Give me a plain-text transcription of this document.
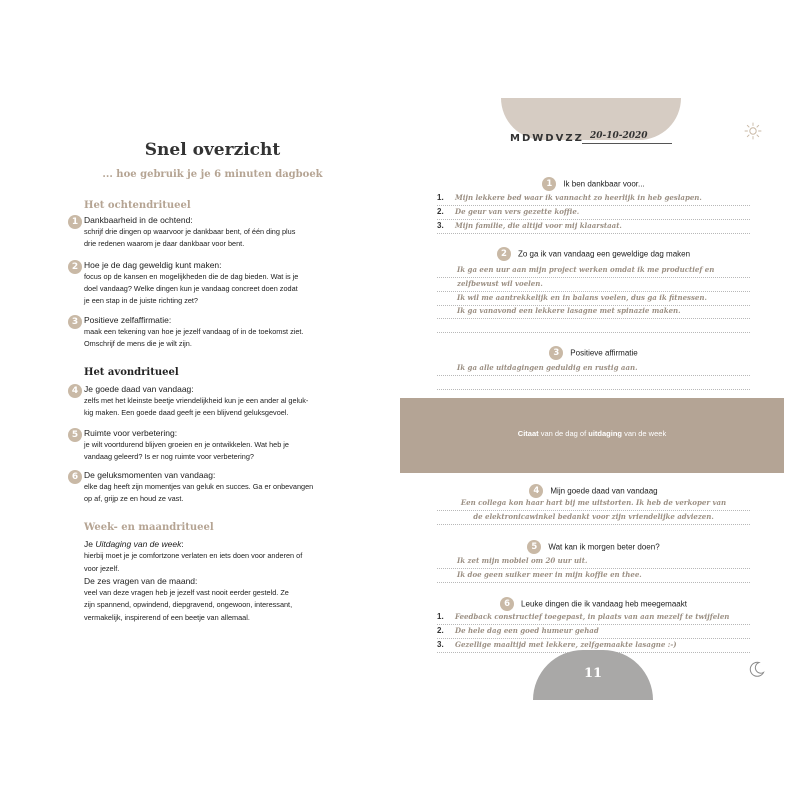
Snel overzicht
... hoe gebruik je je 6 minuten dagboek
Het ochtendritueel
1 Dankbaarheid in de ochtend:
schrijf drie dingen op waarvoor je dankbaar bent, of één ding plus
drie redenen waarom je daar dankbaar voor bent.
2 Hoe je de dag geweldig kunt maken:
focus op de kansen en mogelijkheden die de dag bieden. Wat is je
doel vandaag? Welke dingen kun je vandaag concreet doen zodat
je een stap in de juiste richting zet?
3 Positieve zelfaffirmatie:
maak een tekening van hoe je jezelf vandaag of in de toekomst ziet.
Omschrijf de mens die je wilt zijn.
Het avondritueel
4 Je goede daad van vandaag:
zelfs met het kleinste beetje vriendelijkheid kun je een ander al geluk-
kig maken. Een goede daad geeft je een blijvend geluksgevoel.
5 Ruimte voor verbetering:
je wilt voortdurend blijven groeien en je ontwikkelen. Wat heb je
vandaag geleerd? Is er nog ruimte voor verbetering?
6 De geluksmomenten van vandaag:
elke dag heeft zijn momentjes van geluk en succes. Ga er onbevangen
op af, grijp ze en houd ze vast.
Week- en maandritueel
Je Uitdaging van de week:
hierbij moet je je comfortzone verlaten en iets doen voor anderen of
voor jezelf.
De zes vragen van de maand:
veel van deze vragen heb je jezelf vast nooit eerder gesteld. Ze
zijn spannend, opwindend, diepgravend, ongewoon, interessant,
vermakelijk, inspirerend of een beetje van allemaal.
MDWDVZZ 20-10-2020
1 Ik ben dankbaar voor...
1. Mijn lekkere bed waar ik vannacht zo heerlijk in heb geslapen.
2. De geur van vers gezette koffie.
3. Mijn familie, die altijd voor mij klaarstaat.
2 Zo ga ik van vandaag een geweldige dag maken
Ik ga een uur aan mijn project werken omdat ik me productief en
zelfbewust wil voelen.
Ik wil me aantrekkelijk en in balans voelen, dus ga ik fitnessen.
Ik ga vanavond een lekkere lasagne met spinazie maken.
3 Positieve affirmatie
Ik ga alle uitdagingen geduldig en rustig aan.
Citaat van de dag of uitdaging van de week
4 Mijn goede daad van vandaag
Een collega kon haar hart bij me uitstorten. Ik heb de verkoper van
de elektronicawinkel bedankt voor zijn vriendelijke adviezen.
5 Wat kan ik morgen beter doen?
Ik zet mijn mobiel om 20 uur uit.
Ik doe geen suiker meer in mijn koffie en thee.
6 Leuke dingen die ik vandaag heb meegemaakt
1. Feedback constructief toegepast, in plaats van aan mezelf te twijfelen
2. De hele dag een goed humeur gehad
3. Gezellige maaltijd met lekkere, zelfgemaakte lasagne :-)
11
